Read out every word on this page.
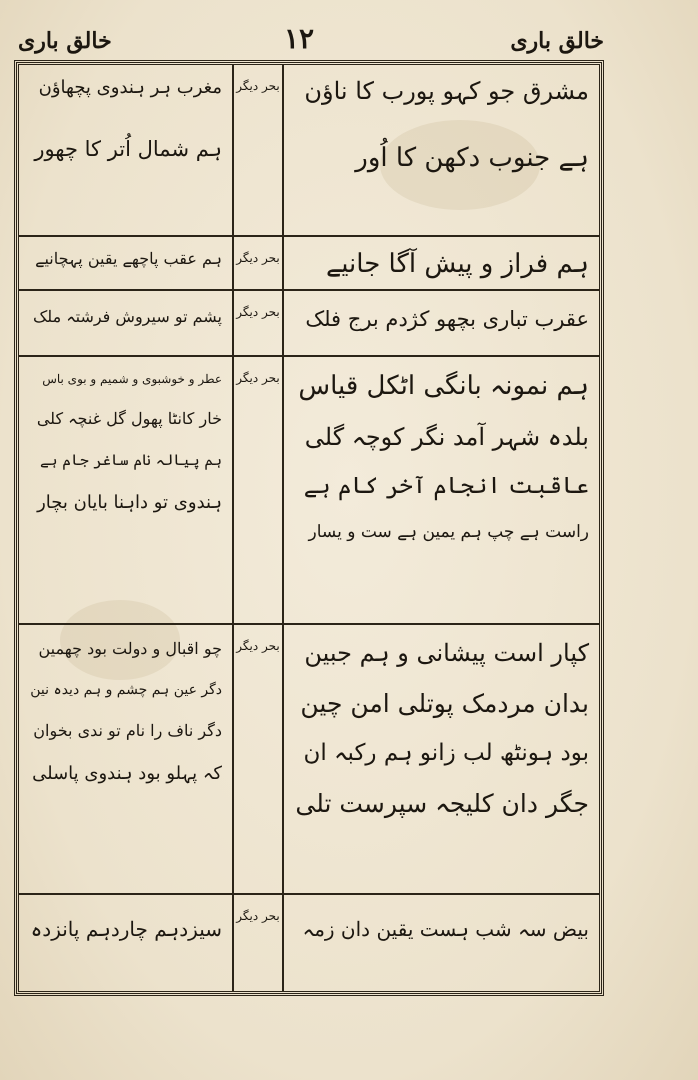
خالق باری
١٢
خالق باری
مشرق جو کہو پورب کا ناؤن
ہے جنوب دکھن کا اُور
بحر دیگر
مغرب ہر ہندوی پچھاؤن
ہم شمال اُتر کا چھور
ہم فراز و پیش آگا جانیے
بحر دیگر
ہم عقب پاچھے یقین پہچانیے
عقرب تباری بچھو کژدم برج فلک
بحر دیگر
پشم تو سیروش فرشتہ ملک
ہم نمونہ بانگی اٹکل قیاس
بلدہ شہر آمد نگر کوچہ گلی
عاقبت انجام آخر کام ہے
راست ہے چپ ہم یمین ہے ست و یسار
بحر دیگر
عطر و خوشبوی و شمیم و بوی باس
خار کانٹا پھول گل غنچہ کلی
ہم پیالہ نام ساغر جام ہے
ہندوی تو داہنا بایان بچار
کپار است پیشانی و ہم جبین
بدان مردمک پوتلی امن چین
بود ہونٹھ لب زانو ہم رکبہ ان
جگر دان کلیجہ سپرست تلی
بحر دیگر
چو اقبال و دولت بود چھمین
دگر عین ہم چشم و ہم دیدہ نین
دگر ناف را نام تو ندی بخوان
کہ پہلو بود ہندوی پاسلی
بیض سہ شب ہست یقین دان زمہ
بحر دیگر
سیزدہم چاردہم پانزدہ
